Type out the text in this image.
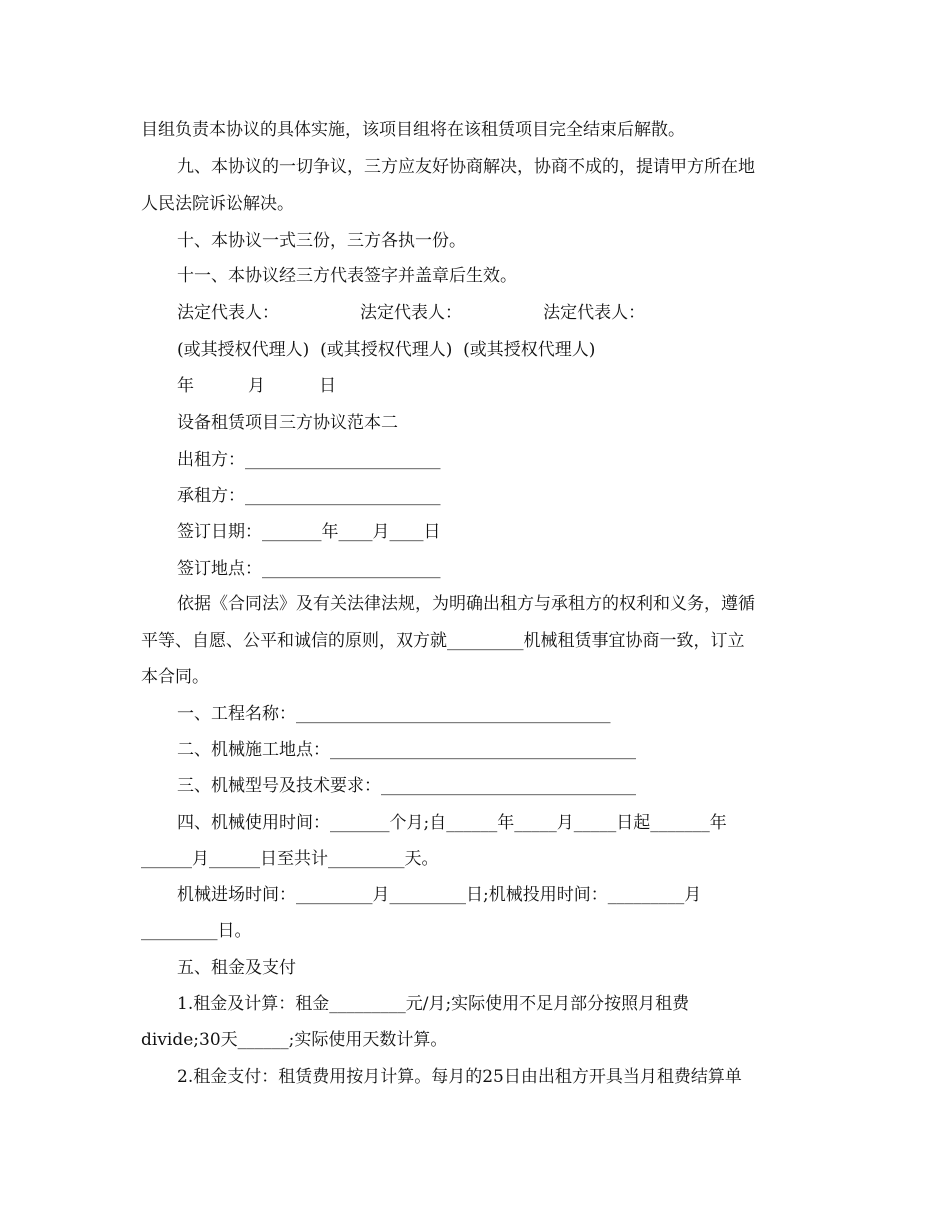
目组负责本协议的具体实施，该项目组将在该租赁项目完全结束后解散。
九、本协议的一切争议，三方应友好协商解决，协商不成的，提请甲方所在地
人民法院诉讼解决。
十、本协议一式三份，三方各执一份。
十一、本协议经三方代表签字并盖章后生效。
法定代表人：               法定代表人：               法定代表人：
(或其授权代理人)  (或其授权代理人)  (或其授权代理人)
年          月          日
设备租赁项目三方协议范本二
出租方：_______________________
承租方：_______________________
签订日期：_______年____月____日
签订地点：_____________________
依据《合同法》及有关法律法规，为明确出租方与承租方的权利和义务，遵循
平等、自愿、公平和诚信的原则，双方就_________机械租赁事宜协商一致，订立
本合同。
一、工程名称：_____________________________________
二、机械施工地点：____________________________________
三、机械型号及技术要求：______________________________
四、机械使用时间：_______个月;自______年_____月_____日起_______年
______月______日至共计_________天。
机械进场时间：_________月_________日;机械投用时间：_________月
_________日。
五、租金及支付
1.租金及计算：租金_________元/月;实际使用不足月部分按照月租费
divide;30天______;实际使用天数计算。
2.租金支付：租赁费用按月计算。每月的25日由出租方开具当月租费结算单
